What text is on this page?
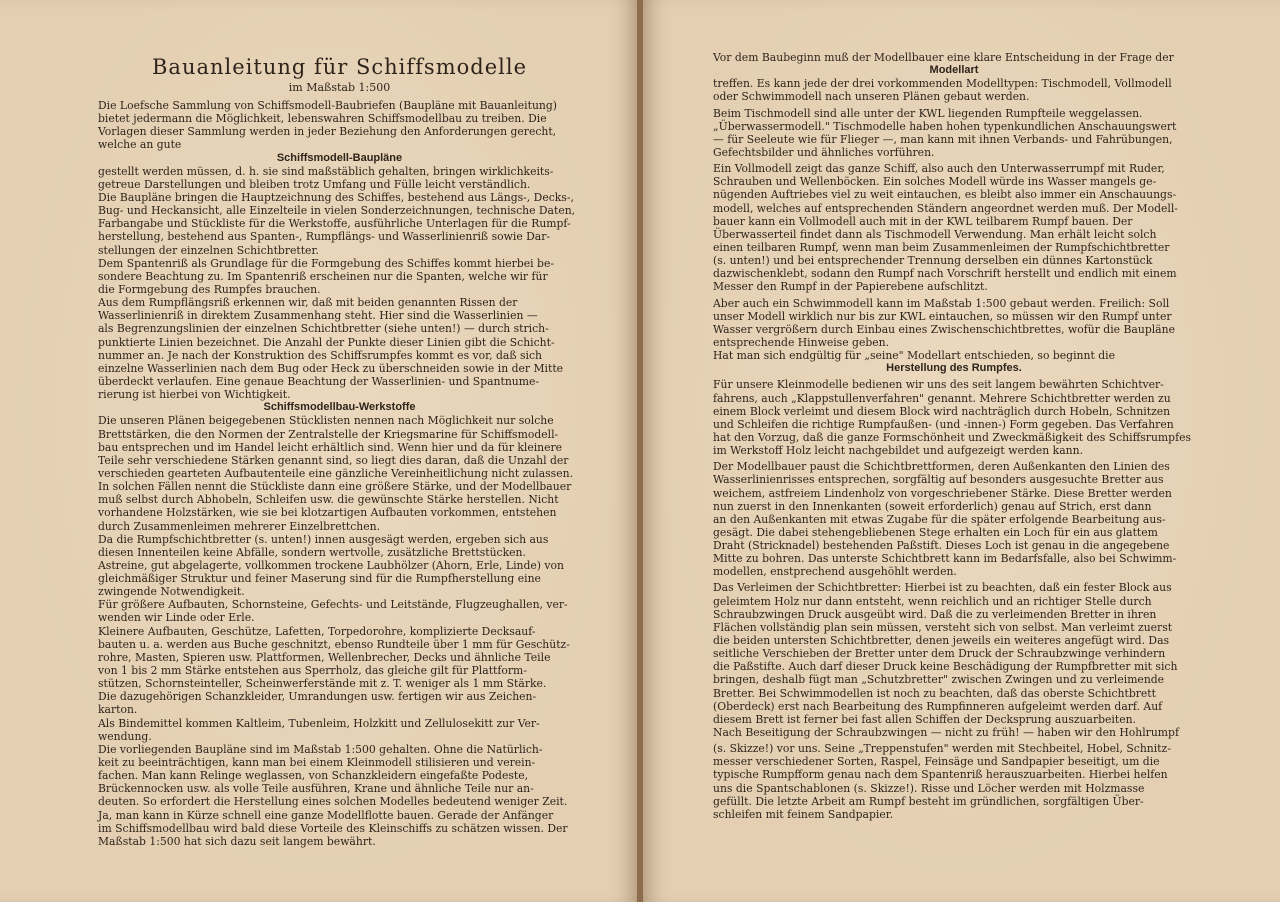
Bauanleitung für Schiffsmodelle
im Maßstab 1:500
Die Loefsche Sammlung von Schiffsmodell-Baubriefen (Baupläne mit Bauanleitung)
bietet jedermann die Möglichkeit, lebenswahren Schiffsmodellbau zu treiben. Die
Vorlagen dieser Sammlung werden in jeder Beziehung den Anforderungen gerecht,
welche an gute
Schiffsmodell-Baupläne
gestellt werden müssen, d. h. sie sind maßstäblich gehalten, bringen wirklichkeits-
getreue Darstellungen und bleiben trotz Umfang und Fülle leicht verständlich.
Die Baupläne bringen die Hauptzeichnung des Schiffes, bestehend aus Längs-, Decks-,
Bug- und Heckansicht, alle Einzelteile in vielen Sonderzeichnungen, technische Daten,
Farbangabe und Stückliste für die Werkstoffe, ausführliche Unterlagen für die Rumpf-
herstellung, bestehend aus Spanten-, Rumpflängs- und Wasserlinienriß sowie Dar-
stellungen der einzelnen Schichtbretter.
Dem Spantenriß als Grundlage für die Formgebung des Schiffes kommt hierbei be-
sondere Beachtung zu. Im Spantenriß erscheinen nur die Spanten, welche wir für
die Formgebung des Rumpfes brauchen.
Aus dem Rumpflängsriß erkennen wir, daß mit beiden genannten Rissen der
Wasserlinienriß in direktem Zusammenhang steht. Hier sind die Wasserlinien —
als Begrenzungslinien der einzelnen Schichtbretter (siehe unten!) — durch strich-
punktierte Linien bezeichnet. Die Anzahl der Punkte dieser Linien gibt die Schicht-
nummer an. Je nach der Konstruktion des Schiffsrumpfes kommt es vor, daß sich
einzelne Wasserlinien nach dem Bug oder Heck zu überschneiden sowie in der Mitte
überdeckt verlaufen. Eine genaue Beachtung der Wasserlinien- und Spantnume-
rierung ist hierbei von Wichtigkeit.
Schiffsmodellbau-Werkstoffe
Die unseren Plänen beigegebenen Stücklisten nennen nach Möglichkeit nur solche
Brettstärken, die den Normen der Zentralstelle der Kriegsmarine für Schiffsmodell-
bau entsprechen und im Handel leicht erhältlich sind. Wenn hier und da für kleinere
Teile sehr verschiedene Stärken genannt sind, so liegt dies daran, daß die Unzahl der
verschieden gearteten Aufbautenteile eine gänzliche Vereinheitlichung nicht zulassen.
In solchen Fällen nennt die Stückliste dann eine größere Stärke, und der Modellbauer
muß selbst durch Abhobeln, Schleifen usw. die gewünschte Stärke herstellen. Nicht
vorhandene Holzstärken, wie sie bei klotzartigen Aufbauten vorkommen, entstehen
durch Zusammenleimen mehrerer Einzelbrettchen.
Da die Rumpfschichtbretter (s. unten!) innen ausgesägt werden, ergeben sich aus
diesen Innenteilen keine Abfälle, sondern wertvolle, zusätzliche Brettstücken.
Astreine, gut abgelagerte, vollkommen trockene Laubhölzer (Ahorn, Erle, Linde) von
gleichmäßiger Struktur und feiner Maserung sind für die Rumpfherstellung eine
zwingende Notwendigkeit.
Für größere Aufbauten, Schornsteine, Gefechts- und Leitstände, Flugzeughallen, ver-
wenden wir Linde oder Erle.
Kleinere Aufbauten, Geschütze, Lafetten, Torpedorohre, komplizierte Decksauf-
bauten u. a. werden aus Buche geschnitzt, ebenso Rundteile über 1 mm für Geschütz-
rohre, Masten, Spieren usw. Plattformen, Wellenbrecher, Decks und ähnliche Teile
von 1 bis 2 mm Stärke entstehen aus Sperrholz, das gleiche gilt für Plattform-
stützen, Schornsteinteller, Scheinwerferstände mit z. T. weniger als 1 mm Stärke.
Die dazugehörigen Schanzkleider, Umrandungen usw. fertigen wir aus Zeichen-
karton.
Als Bindemittel kommen Kaltleim, Tubenleim, Holzkitt und Zellulosekitt zur Ver-
wendung.
Die vorliegenden Baupläne sind im Maßstab 1:500 gehalten. Ohne die Natürlich-
keit zu beeinträchtigen, kann man bei einem Kleinmodell stilisieren und verein-
fachen. Man kann Relinge weglassen, von Schanzkleidern eingefaßte Podeste,
Brückennocken usw. als volle Teile ausführen, Krane und ähnliche Teile nur an-
deuten. So erfordert die Herstellung eines solchen Modelles bedeutend weniger Zeit.
Ja, man kann in Kürze schnell eine ganze Modellflotte bauen. Gerade der Anfänger
im Schiffsmodellbau wird bald diese Vorteile des Kleinschiffs zu schätzen wissen. Der
Maßstab 1:500 hat sich dazu seit langem bewährt.
Vor dem Baubeginn muß der Modellbauer eine klare Entscheidung in der Frage der
Modellart
treffen. Es kann jede der drei vorkommenden Modelltypen: Tischmodell, Vollmodell
oder Schwimmodell nach unseren Plänen gebaut werden.
Beim Tischmodell sind alle unter der KWL liegenden Rumpfteile weggelassen.
„Überwassermodell." Tischmodelle haben hohen typenkundlichen Anschauungswert
— für Seeleute wie für Flieger —, man kann mit ihnen Verbands- und Fahrübungen,
Gefechtsbilder und ähnliches vorführen.
Ein Vollmodell zeigt das ganze Schiff, also auch den Unterwasserrumpf mit Ruder,
Schrauben und Wellenböcken. Ein solches Modell würde ins Wasser mangels ge-
nügenden Auftriebes viel zu weit eintauchen, es bleibt also immer ein Anschauungs-
modell, welches auf entsprechenden Ständern angeordnet werden muß. Der Modell-
bauer kann ein Vollmodell auch mit in der KWL teilbarem Rumpf bauen. Der
Überwasserteil findet dann als Tischmodell Verwendung. Man erhält leicht solch
einen teilbaren Rumpf, wenn man beim Zusammenleimen der Rumpfschichtbretter
(s. unten!) und bei entsprechender Trennung derselben ein dünnes Kartonstück
dazwischenklebt, sodann den Rumpf nach Vorschrift herstellt und endlich mit einem
Messer den Rumpf in der Papierebene aufschlitzt.
Aber auch ein Schwimmodell kann im Maßstab 1:500 gebaut werden. Freilich: Soll
unser Modell wirklich nur bis zur KWL eintauchen, so müssen wir den Rumpf unter
Wasser vergrößern durch Einbau eines Zwischenschichtbrettes, wofür die Baupläne
entsprechende Hinweise geben.
Hat man sich endgültig für „seine" Modellart entschieden, so beginnt die
Herstellung des Rumpfes.
Für unsere Kleinmodelle bedienen wir uns des seit langem bewährten Schichtver-
fahrens, auch „Klappstullenverfahren" genannt. Mehrere Schichtbretter werden zu
einem Block verleimt und diesem Block wird nachträglich durch Hobeln, Schnitzen
und Schleifen die richtige Rumpfaußen- (und -innen-) Form gegeben. Das Verfahren
hat den Vorzug, daß die ganze Formschönheit und Zweckmäßigkeit des Schiffsrumpfes
im Werkstoff Holz leicht nachgebildet und aufgezeigt werden kann.
Der Modellbauer paust die Schichtbrettformen, deren Außenkanten den Linien des
Wasserlinienrisses entsprechen, sorgfältig auf besonders ausgesuchte Bretter aus
weichem, astfreiem Lindenholz von vorgeschriebener Stärke. Diese Bretter werden
nun zuerst in den Innenkanten (soweit erforderlich) genau auf Strich, erst dann
an den Außenkanten mit etwas Zugabe für die später erfolgende Bearbeitung aus-
gesägt. Die dabei stehengebliebenen Stege erhalten ein Loch für ein aus glattem
Draht (Stricknadel) bestehenden Paßstift. Dieses Loch ist genau in die angegebene
Mitte zu bohren. Das unterste Schichtbrett kann im Bedarfsfalle, also bei Schwimm-
modellen, enstprechend ausgehöhlt werden.
Das Verleimen der Schichtbretter: Hierbei ist zu beachten, daß ein fester Block aus
geleimtem Holz nur dann entsteht, wenn reichlich und an richtiger Stelle durch
Schraubzwingen Druck ausgeübt wird. Daß die zu verleimenden Bretter in ihren
Flächen vollständig plan sein müssen, versteht sich von selbst. Man verleimt zuerst
die beiden untersten Schichtbretter, denen jeweils ein weiteres angefügt wird. Das
seitliche Verschieben der Bretter unter dem Druck der Schraubzwinge verhindern
die Paßstifte. Auch darf dieser Druck keine Beschädigung der Rumpfbretter mit sich
bringen, deshalb fügt man „Schutzbretter" zwischen Zwingen und zu verleimende
Bretter. Bei Schwimmodellen ist noch zu beachten, daß das oberste Schichtbrett
(Oberdeck) erst nach Bearbeitung des Rumpfinneren aufgeleimt werden darf. Auf
diesem Brett ist ferner bei fast allen Schiffen der Decksprung auszuarbeiten.
Nach Beseitigung der Schraubzwingen — nicht zu früh! — haben wir den Hohlrumpf
(s. Skizze!) vor uns. Seine „Treppenstufen" werden mit Stechbeitel, Hobel, Schnitz-
messer verschiedener Sorten, Raspel, Feinsäge und Sandpapier beseitigt, um die
typische Rumpfform genau nach dem Spantenriß herauszuarbeiten. Hierbei helfen
uns die Spantschablonen (s. Skizze!). Risse und Löcher werden mit Holzmasse
gefüllt. Die letzte Arbeit am Rumpf besteht im gründlichen, sorgfältigen Über-
schleifen mit feinem Sandpapier.
